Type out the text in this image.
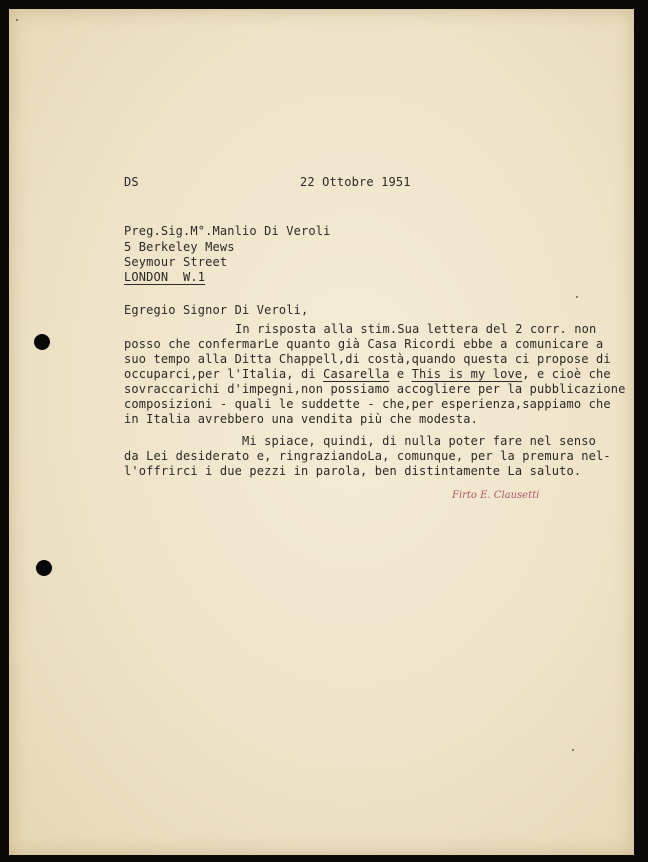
DS	22 Ottobre 1951
Preg.Sig.M°.Manlio Di Veroli
5 Berkeley Mews
Seymour Street
LONDON  W.1
Egregio Signor Di Veroli,
In risposta alla stim.Sua lettera del 2 corr. non
posso che confermarLe quanto già Casa Ricordi ebbe a comunicare a
suo tempo alla Ditta Chappell,di costà,quando questa ci propose di
occuparci,per l'Italia, di Casarella e This is my love, e cioè che
sovraccarichi d'impegni,non possiamo accogliere per la pubblicazione
composizioni - quali le suddette - che,per esperienza,sappiamo che
in Italia avrebbero una vendita più che modesta.
Mi spiace, quindi, di nulla poter fare nel senso
da Lei desiderato e, ringraziandoLa, comunque, per la premura nel-
l'offrirci i due pezzi in parola, ben distintamente La saluto.
Firto E. Clausetti
